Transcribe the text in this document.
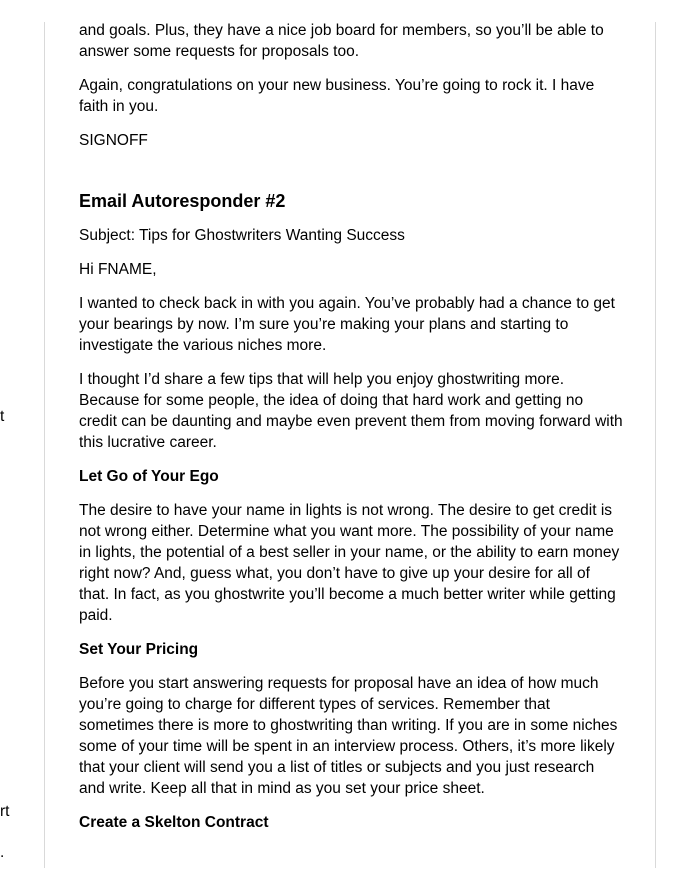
t
rt
.

and goals. Plus, they have a nice job board for members, so you’ll be able to answer some requests for proposals too.

Again, congratulations on your new business. You’re going to rock it. I have faith in you.

SIGNOFF

Email Autoresponder #2

Subject: Tips for Ghostwriters Wanting Success

Hi FNAME,

I wanted to check back in with you again. You’ve probably had a chance to get your bearings by now. I’m sure you’re making your plans and starting to investigate the various niches more.

I thought I’d share a few tips that will help you enjoy ghostwriting more. Because for some people, the idea of doing that hard work and getting no credit can be daunting and maybe even prevent them from moving forward with this lucrative career.

Let Go of Your Ego

The desire to have your name in lights is not wrong. The desire to get credit is not wrong either. Determine what you want more. The possibility of your name in lights, the potential of a best seller in your name, or the ability to earn money right now? And, guess what, you don’t have to give up your desire for all of that. In fact, as you ghostwrite you’ll become a much better writer while getting paid.

Set Your Pricing

Before you start answering requests for proposal have an idea of how much you’re going to charge for different types of services. Remember that sometimes there is more to ghostwriting than writing. If you are in some niches some of your time will be spent in an interview process. Others, it’s more likely that your client will send you a list of titles or subjects and you just research and write. Keep all that in mind as you set your price sheet.

Create a Skelton Contract
